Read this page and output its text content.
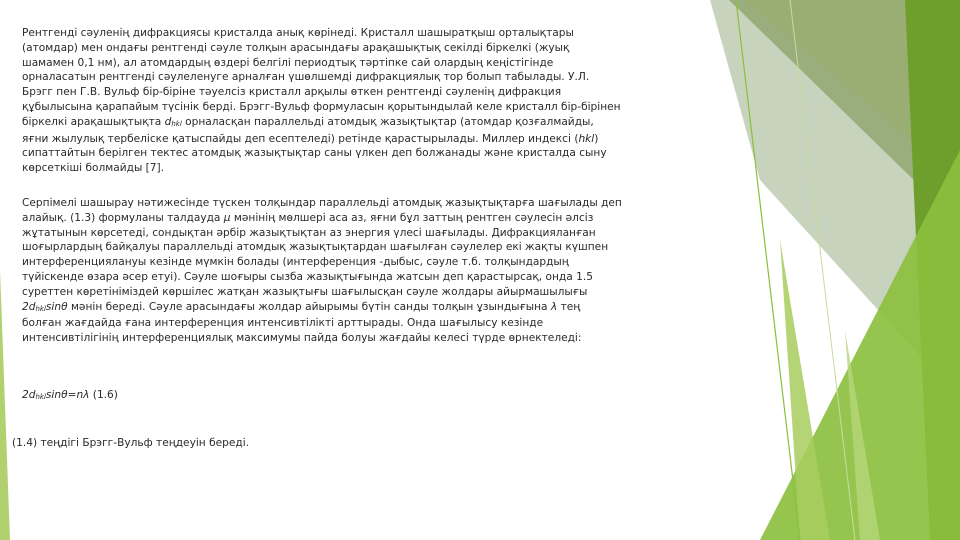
Рентгенді сәуленің дифракциясы кристалда анық көрінеді. Кристалл шашыратқыш орталықтары (атомдар) мен ондағы рентгенді сәуле толқын арасындағы арақашықтық секілді біркелкі (жуық шамамен 0,1 нм), ал атомдардың өздері белгілі периодтық тәртіпке сай олардың кеңістігінде орналасатын рентгенді сәулеленуге арналған үшөлшемді дифракциялық тор болып табылады. У.Л. Брэгг пен Г.В. Вульф бір-біріне тәуелсіз кристалл арқылы өткен рентгенді сәуленің дифракция құбылысына қарапайым түсінік берді. Брэгг-Вульф формуласын қорытындылай келе кристалл бір-бірінен біркелкі арақашықтықта dhkl орналасқан параллельді атомдық жазықтықтар (атомдар қозғалмайды, яғни жылулық тербеліске қатыспайды деп есептеледі) ретінде қарастырылады. Миллер индексі (hkl) сипаттайтын берілген тектес атомдық жазықтықтар саны үлкен деп болжанады және кристалда сыну көрсеткіші болмайды [7].

Серпімелі шашырау нәтижесінде түскен толқындар параллельді атомдық жазықтықтарға шағылады деп алайық. (1.3) формуланы талдауда μ мәнінің мөлшері аса аз, яғни бұл заттың рентген сәулесін әлсіз жұтатынын көрсетеді, сондықтан әрбір жазықтықтан аз энергия үлесі шағылады. Дифракцияланған шоғырлардың байқалуы параллельді атомдық жазықтықтардан шағылған сәулелер екі жақты күшпен интерференциялануы кезінде мүмкін болады (интерференция -дыбыс, сәуле т.б. толқындардың түйіскенде өзара әсер етуі). Сәуле шоғыры сызба жазықтығында жатсын деп қарастырсақ, онда 1.5 суреттен көретініміздей көршілес жатқан жазықтығы шағылысқан сәуле жолдары айырмашылығы 2dhklsinθ мәнін береді. Сәуле арасындағы жолдар айырымы бүтін санды толқын ұзындығына λ тең болған жағдайда ғана интерференция интенсивтілікті арттырады. Онда шағылысу кезінде интенсивтілігінің интерференциялық максимумы пайда болуы жағдайы келесі түрде өрнектеледі:

2dhklsinθ=nλ (1.6)
(1.4) теңдігі Брэгг-Вульф теңдеуін береді.
